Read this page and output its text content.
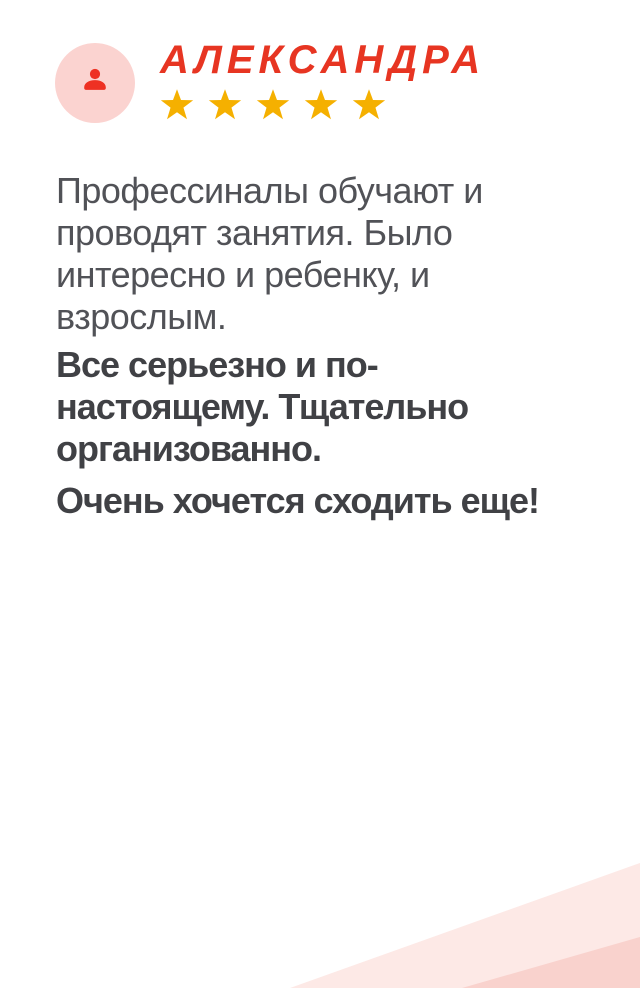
АЛЕКСАНДРА
Профессиналы обучают и
проводят занятия. Было
интересно и ребенку, и
взрослым.
Все серьезно и по-
настоящему. Тщательно
организованно.
Очень хочется сходить еще!
